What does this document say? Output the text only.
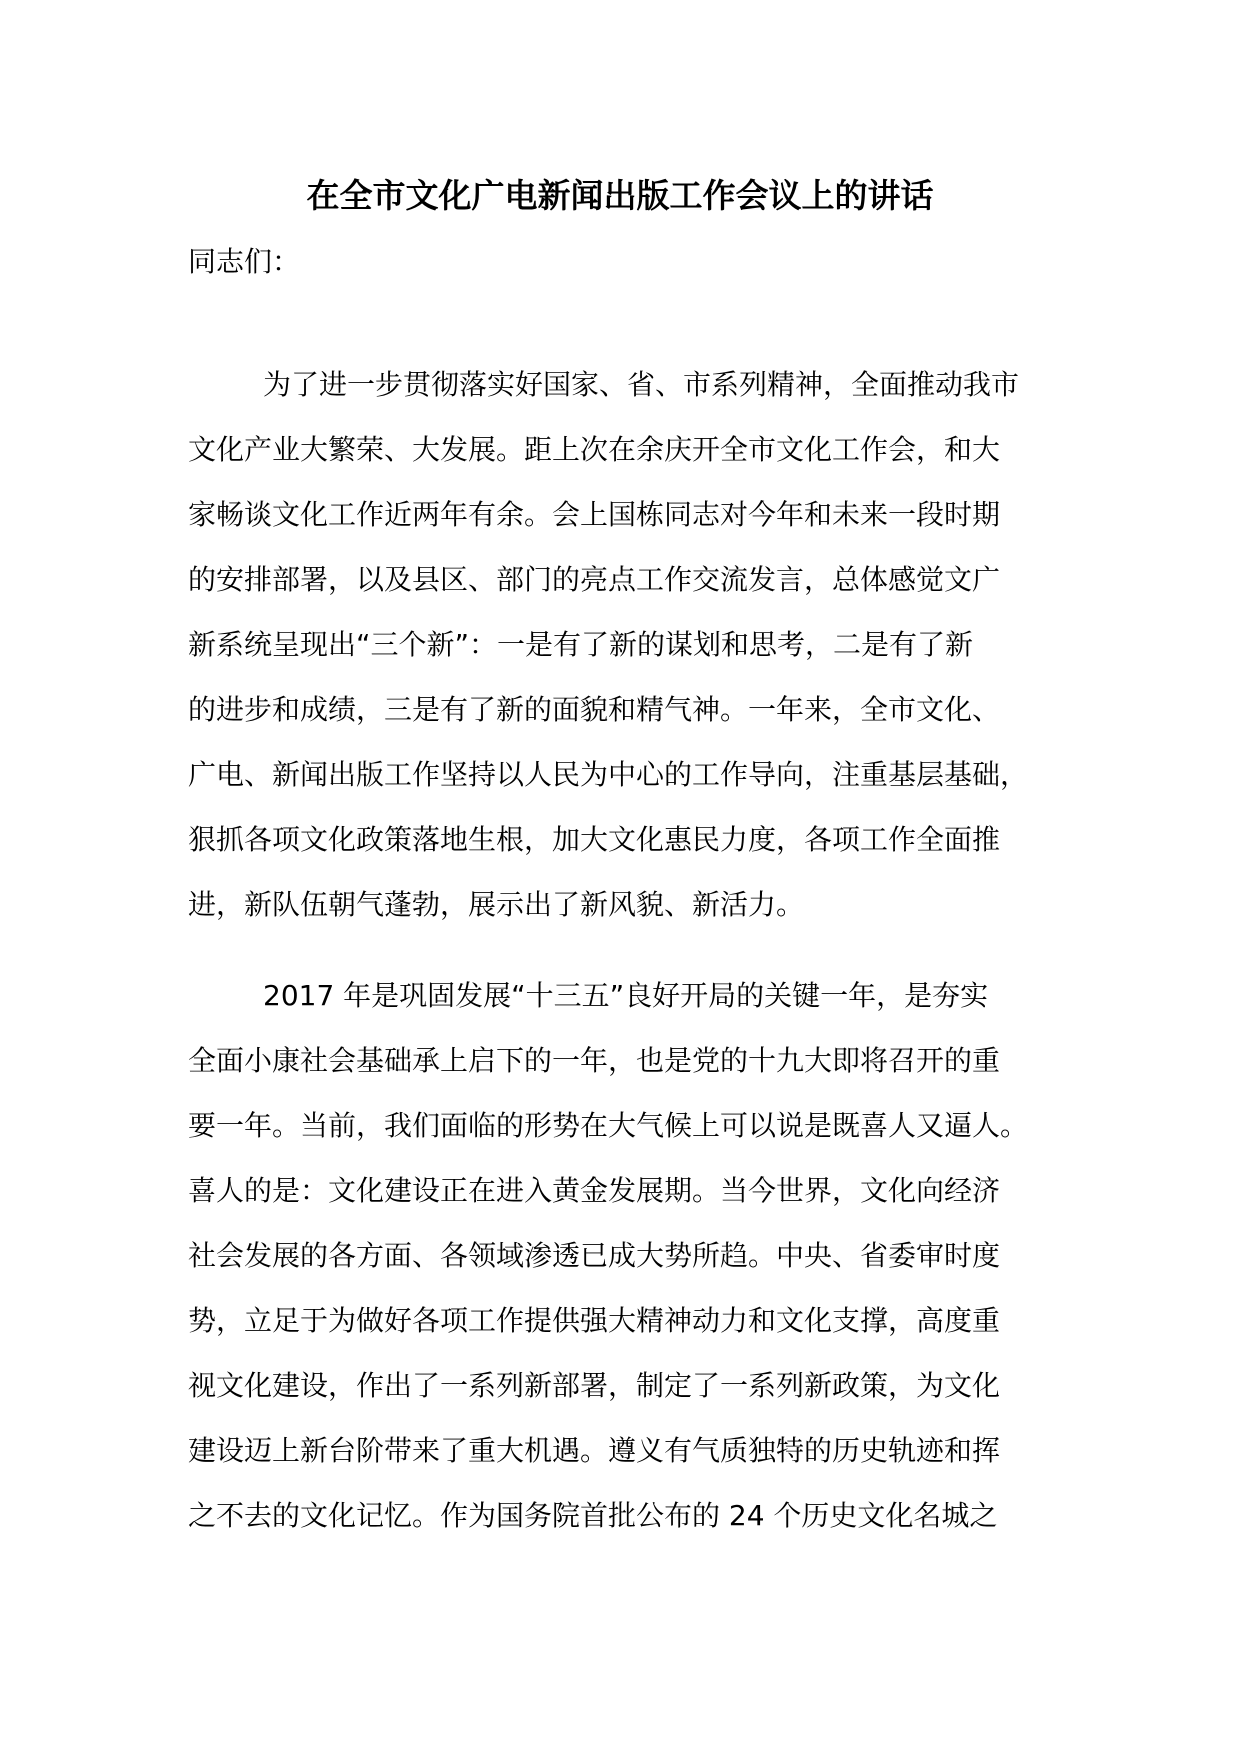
在全市文化广电新闻出版工作会议上的讲话

同志们：

为了进一步贯彻落实好国家、省、市系列精神，全面推动我市
文化产业大繁荣、大发展。距上次在余庆开全市文化工作会，和大
家畅谈文化工作近两年有余。会上国栋同志对今年和未来一段时期
的安排部署，以及县区、部门的亮点工作交流发言，总体感觉文广
新系统呈现出“三个新”：一是有了新的谋划和思考，二是有了新
的进步和成绩，三是有了新的面貌和精气神。一年来，全市文化、
广电、新闻出版工作坚持以人民为中心的工作导向，注重基层基础，
狠抓各项文化政策落地生根，加大文化惠民力度，各项工作全面推
进，新队伍朝气蓬勃，展示出了新风貌、新活力。

2017 年是巩固发展“十三五”良好开局的关键一年，是夯实
全面小康社会基础承上启下的一年，也是党的十九大即将召开的重
要一年。当前，我们面临的形势在大气候上可以说是既喜人又逼人。
喜人的是：文化建设正在进入黄金发展期。当今世界，文化向经济
社会发展的各方面、各领域渗透已成大势所趋。中央、省委审时度
势，立足于为做好各项工作提供强大精神动力和文化支撑，高度重
视文化建设，作出了一系列新部署，制定了一系列新政策，为文化
建设迈上新台阶带来了重大机遇。遵义有气质独特的历史轨迹和挥
之不去的文化记忆。作为国务院首批公布的 24 个历史文化名城之
